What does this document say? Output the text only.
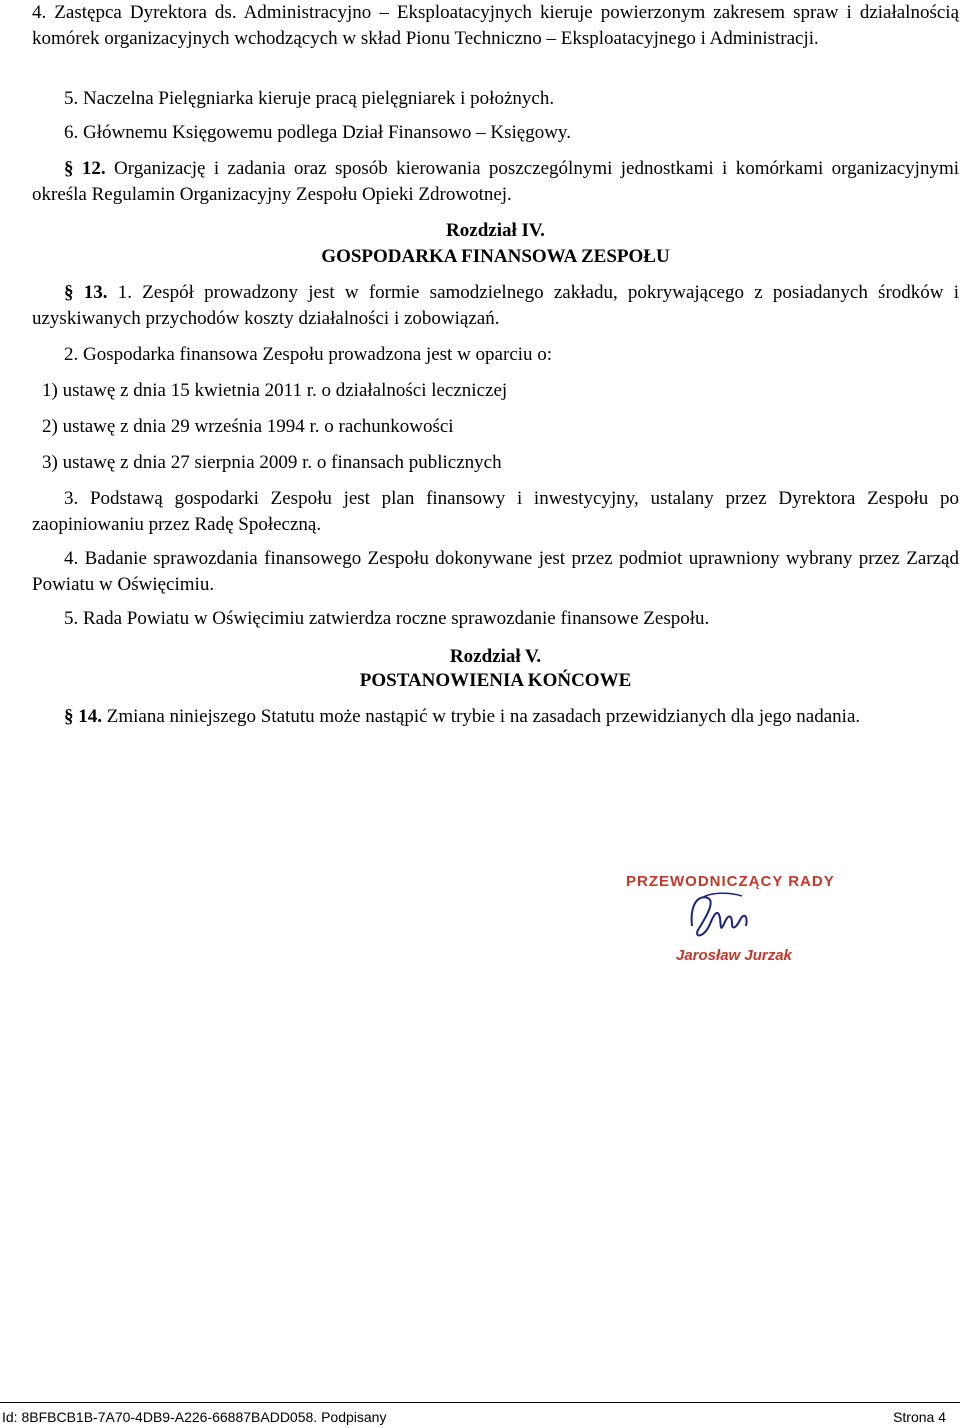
4. Zastępca Dyrektora ds. Administracyjno – Eksploatacyjnych kieruje powierzonym zakresem spraw i działalnością komórek organizacyjnych wchodzących w skład Pionu Techniczno – Eksploatacyjnego i Administracji.

5. Naczelna Pielęgniarka kieruje pracą pielęgniarek i położnych.

6. Głównemu Księgowemu podlega Dział Finansowo – Księgowy.

§ 12. Organizację i zadania oraz sposób kierowania poszczególnymi jednostkami i komórkami organizacyjnymi określa Regulamin Organizacyjny Zespołu Opieki Zdrowotnej.

Rozdział IV.

GOSPODARKA FINANSOWA ZESPOŁU

§ 13. 1. Zespół prowadzony jest w formie samodzielnego zakładu, pokrywającego z posiadanych środków i uzyskiwanych przychodów koszty działalności i zobowiązań.

2. Gospodarka finansowa Zespołu prowadzona jest w oparciu o:

1) ustawę z dnia 15 kwietnia 2011 r. o działalności leczniczej

2) ustawę z dnia 29 września 1994 r. o rachunkowości

3) ustawę z dnia 27 sierpnia 2009 r. o finansach publicznych

3. Podstawą gospodarki Zespołu jest plan finansowy i inwestycyjny, ustalany przez Dyrektora Zespołu po zaopiniowaniu przez Radę Społeczną.

4. Badanie sprawozdania finansowego Zespołu dokonywane jest przez podmiot uprawniony wybrany przez Zarząd Powiatu w Oświęcimiu.

5. Rada Powiatu w Oświęcimiu zatwierdza roczne sprawozdanie finansowe Zespołu.

Rozdział V.

POSTANOWIENIA KOŃCOWE

§ 14. Zmiana niniejszego Statutu może nastąpić w trybie i na zasadach przewidzianych dla jego nadania.

PRZEWODNICZĄCY RADY
Jarosław Jurzak
Id: 8BFBCB1B-7A70-4DB9-A226-66887BADD058. Podpisany	Strona 4
